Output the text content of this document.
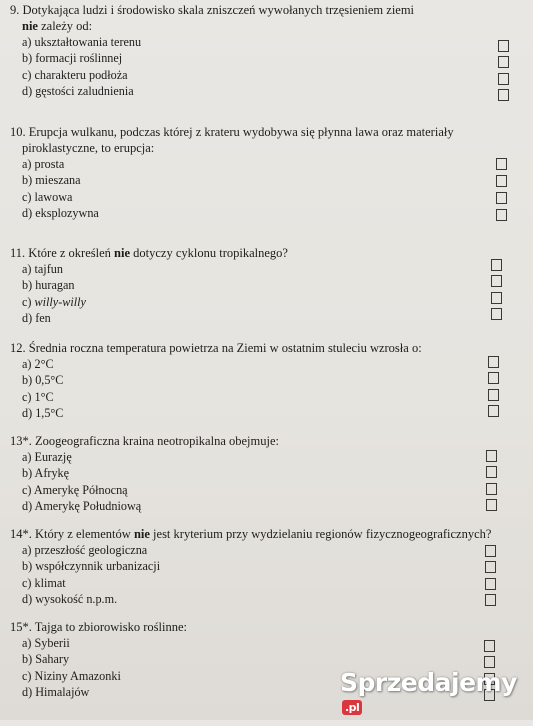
9. Dotykająca ludzi i środowisko skala zniszczeń wywołanych trzęsieniem ziemi

nie zależy od:

a) ukształtowania terenu
b) formacji roślinnej
c) charakteru podłoża
d) gęstości zaludnienia

10. Erupcja wulkanu, podczas której z krateru wydobywa się płynna lawa oraz materiały

piroklastyczne, to erupcja:

a) prosta
b) mieszana
c) lawowa
d) eksplozywna

11. Które z określeń nie dotyczy cyklonu tropikalnego?

a) tajfun
b) huragan
c) willy-willy
d) fen

12. Średnia roczna temperatura powietrza na Ziemi w ostatnim stuleciu wzrosła o:

a) 2°C
b) 0,5°C
c) 1°C
d) 1,5°C

13*. Zoogeograficzna kraina neotropikalna obejmuje:

a) Eurazję
b) Afrykę
c) Amerykę Północną
d) Amerykę Południową

14*. Który z elementów nie jest kryterium przy wydzielaniu regionów fizycznogeograficznych?

a) przeszłość geologiczna
b) współczynnik urbanizacji
c) klimat
d) wysokość n.p.m.

15*. Tajga to zbiorowisko roślinne:

a) Syberii
b) Sahary
c) Niziny Amazonki
d) Himalajów	Sprzedajemy.pl
